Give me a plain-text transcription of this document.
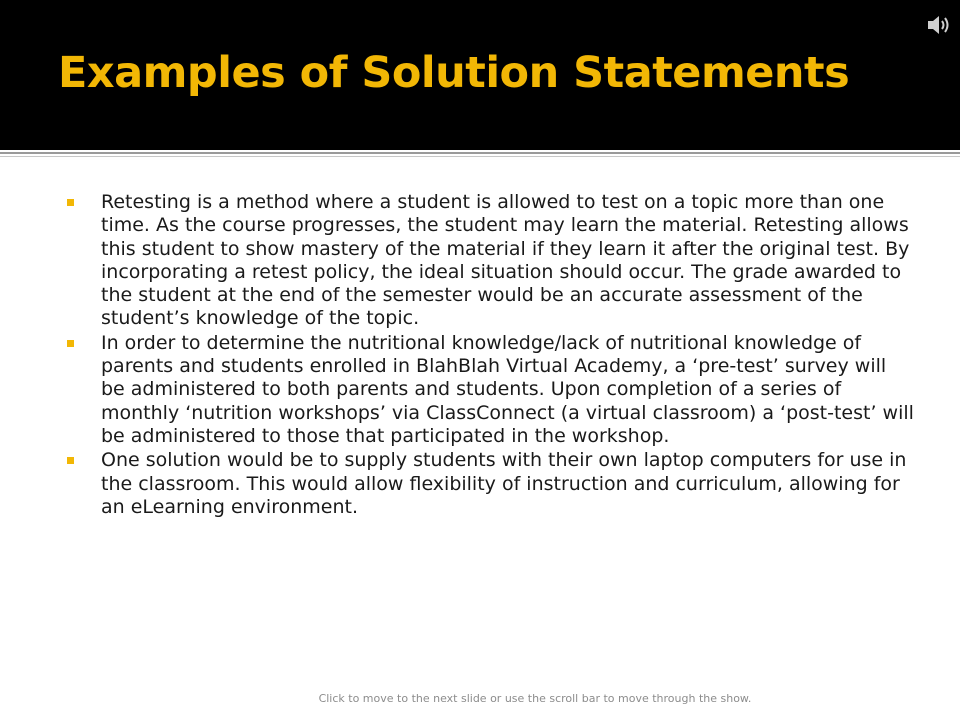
Examples of Solution Statements
Retesting is a method where a student is allowed to test on a topic more than one time. As the course progresses, the student may learn the material. Retesting allows this student to show mastery of the material if they learn it after the original test. By incorporating a retest policy, the ideal situation should occur. The grade awarded to the student at the end of the semester would be an accurate assessment of the student’s knowledge of the topic.
In order to determine the nutritional knowledge/lack of nutritional knowledge of parents and students enrolled in BlahBlah Virtual Academy, a ‘pre-test’ survey will be administered to both parents and students. Upon completion of a series of monthly ‘nutrition workshops’ via ClassConnect (a virtual classroom) a ‘post-test’ will be administered to those that participated in the workshop.
One solution would be to supply students with their own laptop computers for use in the classroom. This would allow flexibility of instruction and curriculum, allowing for an eLearning environment.
Click to move to the next slide or use the scroll bar to move through the show.
